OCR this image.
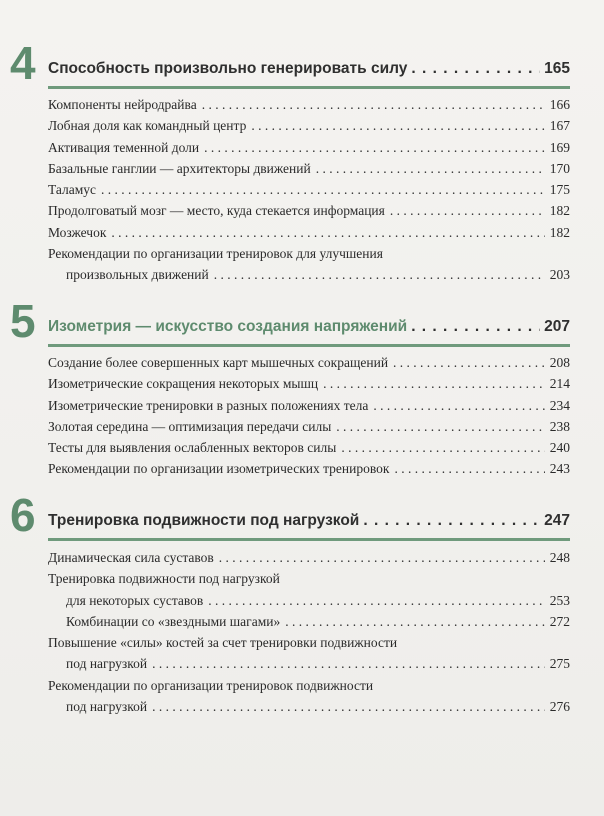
4 Способность произвольно генерировать силу . . .	165
Компоненты нейродрайва . . .	166
Лобная доля как командный центр . . .	167
Активация теменной доли . . .	169
Базальные ганглии — архитекторы движений . . .	170
Таламус . . .	175
Продолговатый мозг — место, куда стекается информация . . .	182
Мозжечок . . .	182
Рекомендации по организации тренировок для улучшения
произвольных движений . . .	203
5 Изометрия — искусство создания напряжений . . .	207
Создание более совершенных карт мышечных сокращений . . .	208
Изометрические сокращения некоторых мышц . . .	214
Изометрические тренировки в разных положениях тела . . .	234
Золотая середина — оптимизация передачи силы . . .	238
Тесты для выявления ослабленных векторов силы . . .	240
Рекомендации по организации изометрических тренировок . . .	243
6 Тренировка подвижности под нагрузкой . . .	247
Динамическая сила суставов . . .	248
Тренировка подвижности под нагрузкой
для некоторых суставов . . .	253
Комбинации со «звездными шагами» . . .	272
Повышение «силы» костей за счет тренировки подвижности
под нагрузкой . . .	275
Рекомендации по организации тренировок подвижности
под нагрузкой . . .	276
